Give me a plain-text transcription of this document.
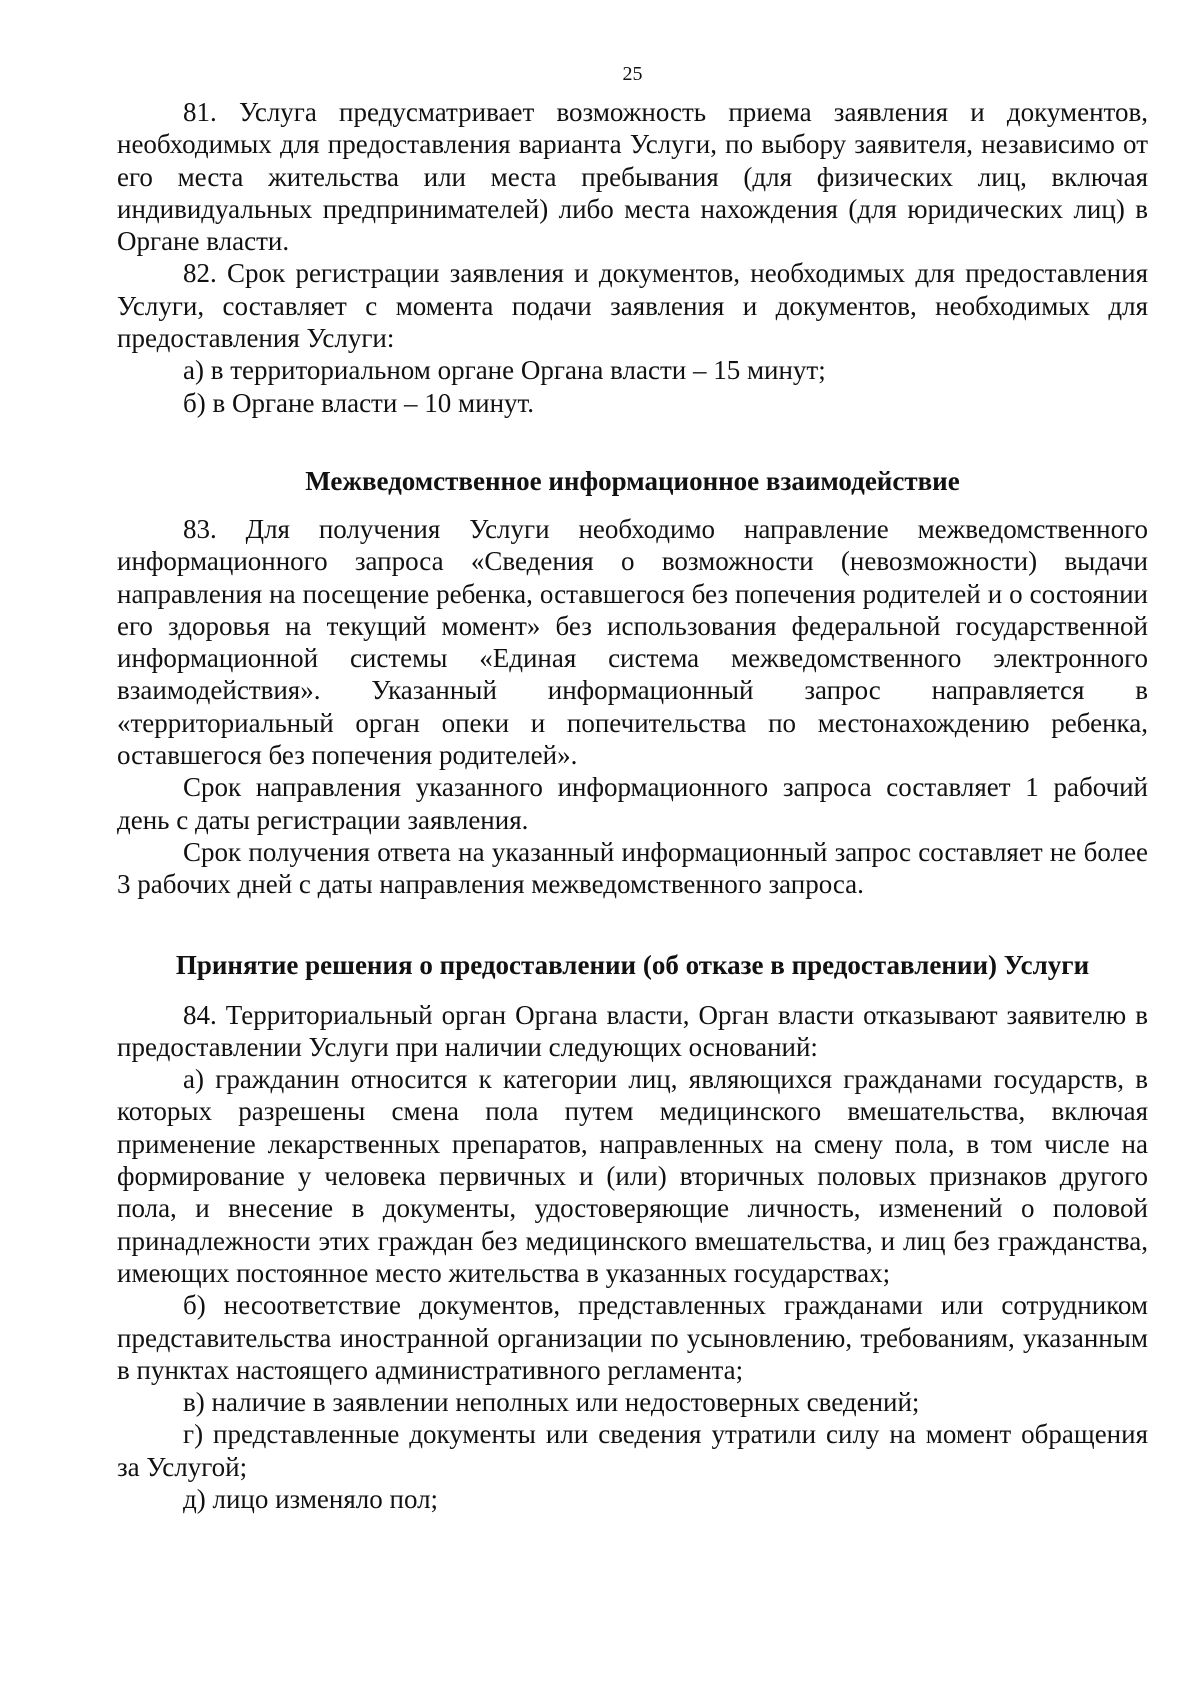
25

81. Услуга предусматривает возможность приема заявления и документов, необходимых для предоставления варианта Услуги, по выбору заявителя, независимо от его места жительства или места пребывания (для физических лиц, включая индивидуальных предпринимателей) либо места нахождения (для юридических лиц) в Органе власти.

82. Срок регистрации заявления и документов, необходимых для предоставления Услуги, составляет с момента подачи заявления и документов, необходимых для предоставления Услуги:

а) в территориальном органе Органа власти – 15 минут;

б) в Органе власти – 10 минут.

Межведомственное информационное взаимодействие

83. Для получения Услуги необходимо направление межведомственного информационного запроса «Сведения о возможности (невозможности) выдачи направления на посещение ребенка, оставшегося без попечения родителей и о состоянии его здоровья на текущий момент» без использования федеральной государственной информационной системы «Единая система межведомственного электронного взаимодействия». Указанный информационный запрос направляется в

«территориальный орган опеки и попечительства по местонахождению ребенка, оставшегося без попечения родителей».

Срок направления указанного информационного запроса составляет 1 рабочий день с даты регистрации заявления.

Срок получения ответа на указанный информационный запрос составляет не более 3 рабочих дней с даты направления межведомственного запроса.

Принятие решения о предоставлении (об отказе в предоставлении) Услуги

84. Территориальный орган Органа власти, Орган власти отказывают заявителю в предоставлении Услуги при наличии следующих оснований:

а) гражданин относится к категории лиц, являющихся гражданами государств, в которых разрешены смена пола путем медицинского вмешательства, включая применение лекарственных препаратов, направленных на смену пола, в том числе на формирование у человека первичных и (или) вторичных половых признаков другого пола, и внесение в документы, удостоверяющие личность, изменений о половой принадлежности этих граждан без медицинского вмешательства, и лиц без гражданства, имеющих постоянное место жительства в указанных государствах;

б) несоответствие документов, представленных гражданами или сотрудником представительства иностранной организации по усыновлению, требованиям, указанным в пунктах настоящего административного регламента;

в) наличие в заявлении неполных или недостоверных сведений;

г) представленные документы или сведения утратили силу на момент обращения за Услугой;

д) лицо изменяло пол;
